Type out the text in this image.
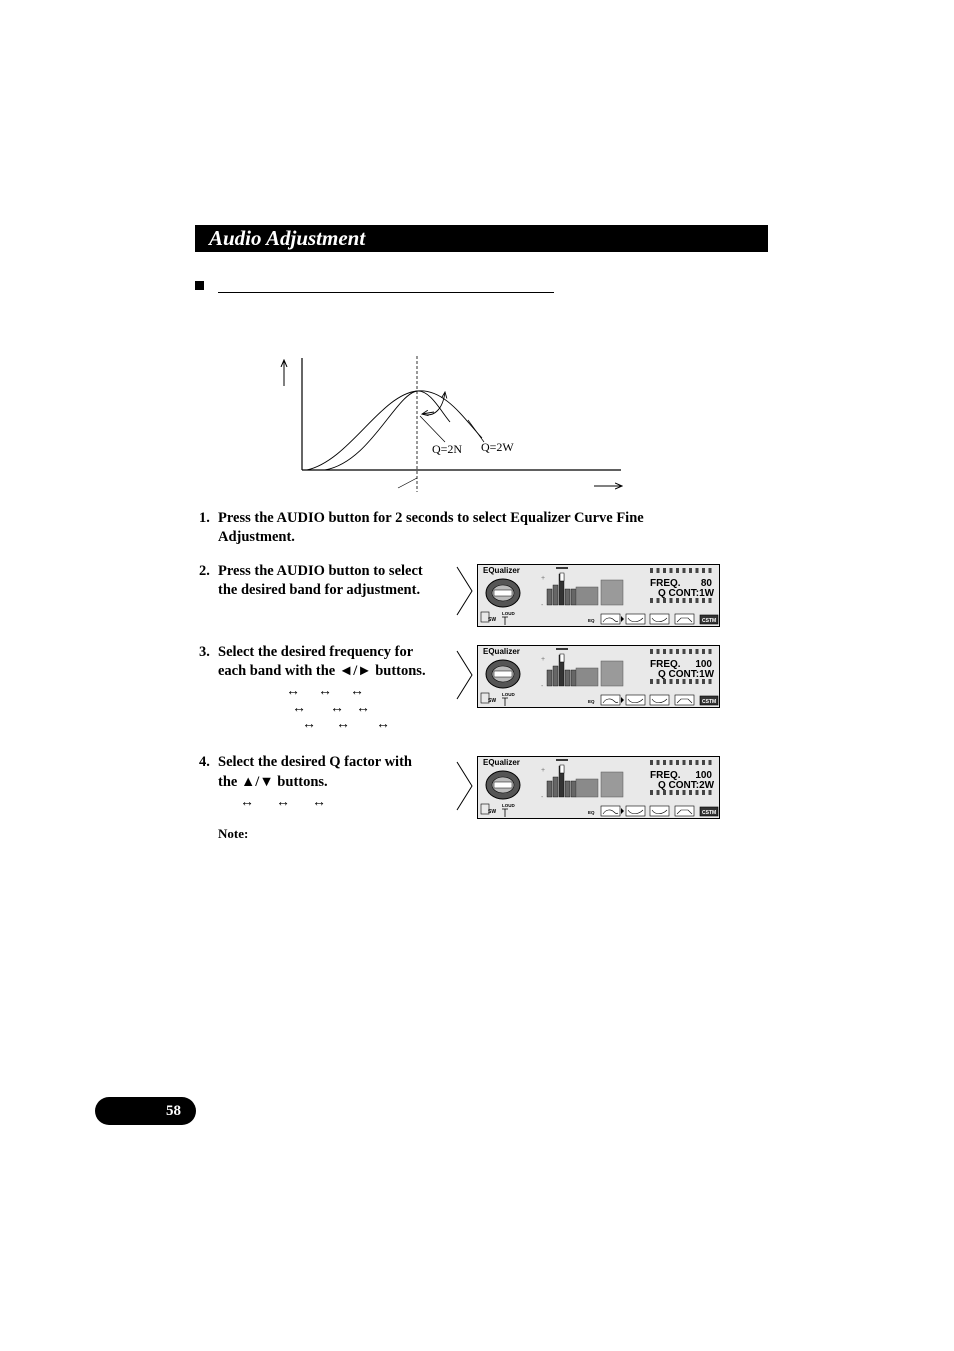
Audio Adjustment
Q=2N Q=2W
1. Press the AUDIO button for 2 seconds to select Equalizer Curve Fine
Adjustment.
2. Press the AUDIO button to select
the desired band for adjustment.
3. Select the desired frequency for
each band with the ◄/► buttons.
↔ ↔ ↔
↔ ↔ ↔
↔ ↔ ↔
4. Select the desired Q factor with
the ▲/▼ buttons.
↔ ↔ ↔
Note:
+
-
SW
LOUD
EQ	CSTM
EQualizer
FREQ. 80
Q CONT:1W
+
-
SW
LOUD
EQ	CSTM
EQualizer
FREQ. 100
Q CONT:1W
+
-
SW
LOUD
EQ	CSTM
EQualizer
FREQ. 100
Q CONT:2W
58
